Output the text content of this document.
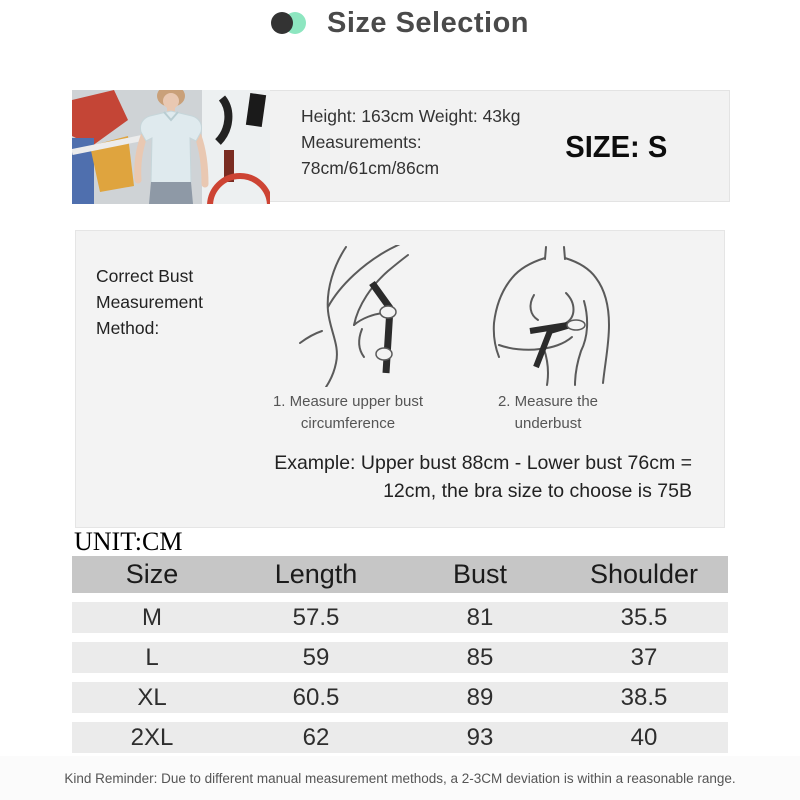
Size Selection
Height: 163cm Weight: 43kg
Measurements:
78cm/61cm/86cm
SIZE: S
Correct Bust Measurement Method:
1. Measure upper bust circumference
2. Measure the underbust
Example: Upper bust 88cm - Lower bust 76cm =
12cm, the bra size to choose is 75B
UNIT:CM
Size	Length	Bust	Shoulder
M	57.5	81	35.5
L	59	85	37
XL	60.5	89	38.5
2XL	62	93	40
Kind Reminder: Due to different manual measurement methods, a 2-3CM deviation is within a reasonable range.
